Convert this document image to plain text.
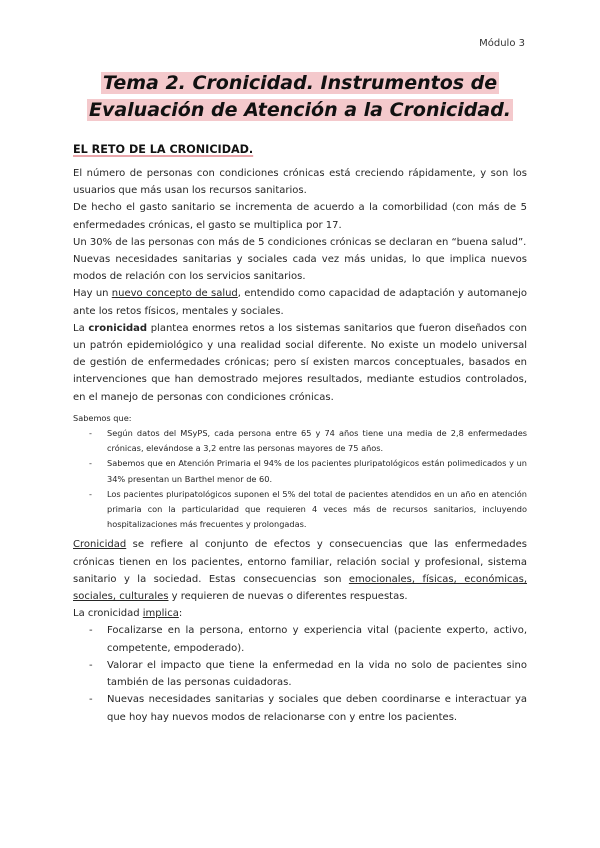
Módulo 3
Tema 2. Cronicidad. Instrumentos de
Evaluación de Atención a la Cronicidad.
EL RETO DE LA CRONICIDAD.

El número de personas con condiciones crónicas está creciendo rápidamente, y son los usuarios que más usan los recursos sanitarios.

De hecho el gasto sanitario se incrementa de acuerdo a la comorbilidad (con más de 5 enfermedades crónicas, el gasto se multiplica por 17.

Un 30% de las personas con más de 5 condiciones crónicas se declaran en “buena salud”.

Nuevas necesidades sanitarias y sociales cada vez más unidas, lo que implica nuevos modos de relación con los servicios sanitarios.

Hay un nuevo concepto de salud, entendido como capacidad de adaptación y automanejo ante los retos físicos, mentales y sociales.

La cronicidad plantea enormes retos a los sistemas sanitarios que fueron diseñados con un patrón epidemiológico y una realidad social diferente. No existe un modelo universal de gestión de enfermedades crónicas; pero sí existen marcos conceptuales, basados en intervenciones que han demostrado mejores resultados, mediante estudios controlados, en el manejo de personas con condiciones crónicas.

Sabemos que:

- Según datos del MSyPS, cada persona entre 65 y 74 años tiene una media de 2,8 enfermedades crónicas, elevándose a 3,2 entre las personas mayores de 75 años.
- Sabemos que en Atención Primaria el 94% de los pacientes pluripatológicos están polimedicados y un 34% presentan un Barthel menor de 60.
- Los pacientes pluripatológicos suponen el 5% del total de pacientes atendidos en un año en atención primaria con la particularidad que requieren 4 veces más de recursos sanitarios, incluyendo hospitalizaciones más frecuentes y prolongadas.

Cronicidad se refiere al conjunto de efectos y consecuencias que las enfermedades crónicas tienen en los pacientes, entorno familiar, relación social y profesional, sistema sanitario y la sociedad. Estas consecuencias son emocionales, físicas, económicas, sociales, culturales y requieren de nuevas o diferentes respuestas.

La cronicidad implica:

- Focalizarse en la persona, entorno y experiencia vital (paciente experto, activo, competente, empoderado).
- Valorar el impacto que tiene la enfermedad en la vida no solo de pacientes sino también de las personas cuidadoras.
- Nuevas necesidades sanitarias y sociales que deben coordinarse e interactuar ya que hoy hay nuevos modos de relacionarse con y entre los pacientes.
